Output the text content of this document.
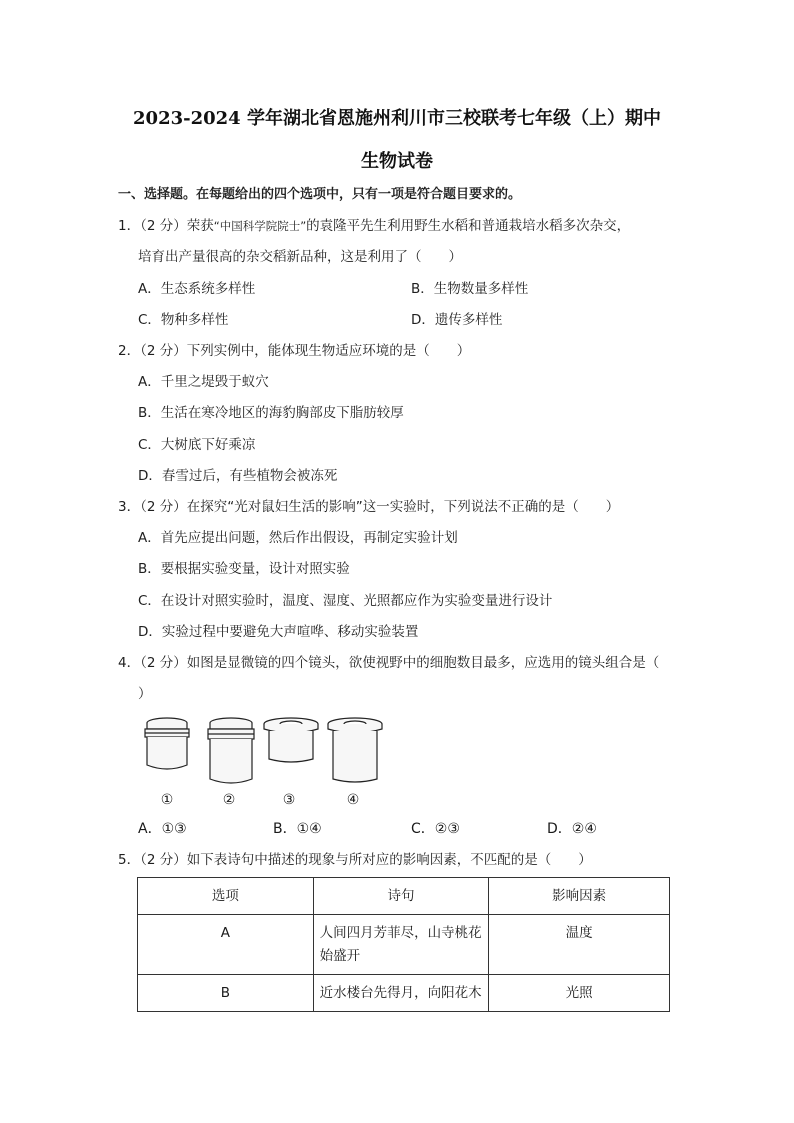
2023-2024 学年湖北省恩施州利川市三校联考七年级（上）期中
生物试卷
一、选择题。在每题给出的四个选项中，只有一项是符合题目要求的。
1．（2 分）荣获“中国科学院院士”的袁隆平先生利用野生水稻和普通栽培水稻多次杂交，
培育出产量很高的杂交稻新品种，这是利用了（　　）
A．生态系统多样性	B．生物数量多样性
C．物种多样性	D．遗传多样性
2．（2 分）下列实例中，能体现生物适应环境的是（　　）
A．千里之堤毁于蚁穴
B．生活在寒冷地区的海豹胸部皮下脂肪较厚
C．大树底下好乘凉
D．春雪过后，有些植物会被冻死
3．（2 分）在探究“光对鼠妇生活的影响”这一实验时，下列说法不正确的是（　　）
A．首先应提出问题，然后作出假设，再制定实验计划
B．要根据实验变量，设计对照实验
C．在设计对照实验时，温度、湿度、光照都应作为实验变量进行设计
D．实验过程中要避免大声喧哗、移动实验装置
4．（2 分）如图是显微镜的四个镜头，欲使视野中的细胞数目最多，应选用的镜头组合是（
）
①	②	③	④
A．①③	B．①④	C．②③	D．②④
5．（2 分）如下表诗句中描述的现象与所对应的影响因素，不匹配的是（　　）
选项	诗句	影响因素
A	人间四月芳菲尽，山寺桃花始盛开	温度
B	近水楼台先得月，向阳花木	光照
